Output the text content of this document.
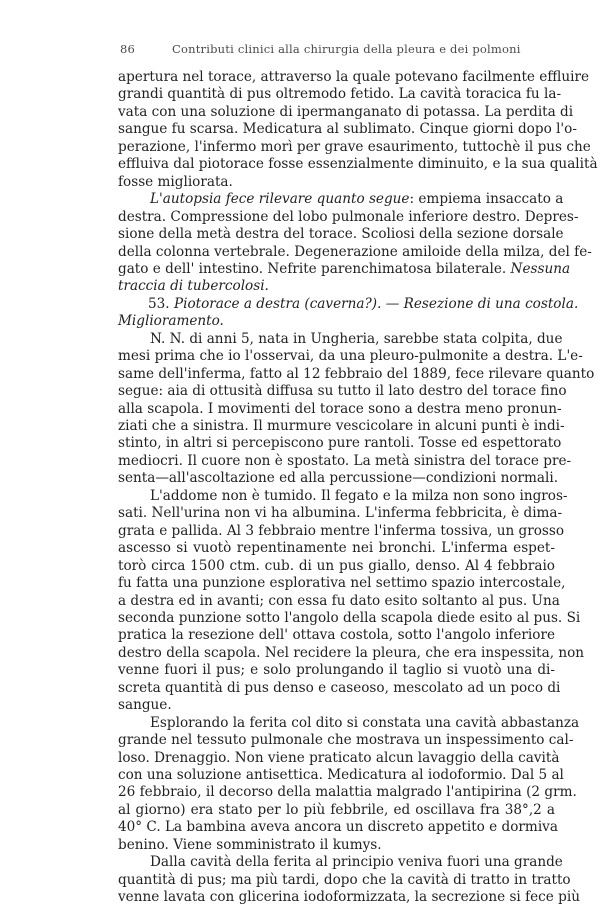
86	Contributi clinici alla chirurgia della pleura e dei polmoni
apertura nel torace, attraverso la quale potevano facilmente effluire
grandi quantità di pus oltremodo fetido. La cavità toracica fu la-
vata con una soluzione di ipermanganato di potassa. La perdita di
sangue fu scarsa. Medicatura al sublimato. Cinque giorni dopo l'o-
perazione, l'infermo morì per grave esaurimento, tuttochè il pus che
effluiva dal piotorace fosse essenzialmente diminuito, e la sua qualità
fosse migliorata.
L'autopsia fece rilevare quanto segue: empiema insaccato a
destra. Compressione del lobo pulmonale inferiore destro. Depres-
sione della metà destra del torace. Scoliosi della sezione dorsale
della colonna vertebrale. Degenerazione amiloide della milza, del fe-
gato e dell' intestino. Nefrite parenchimatosa bilaterale. Nessuna
traccia di tubercolosi.
53. Piotorace a destra (caverna?). — Resezione di una costola.
Miglioramento.
N. N. di anni 5, nata in Ungheria, sarebbe stata colpita, due
mesi prima che io l'osservai, da una pleuro-pulmonite a destra. L'e-
same dell'inferma, fatto al 12 febbraio del 1889, fece rilevare quanto
segue: aia di ottusità diffusa su tutto il lato destro del torace fino
alla scapola. I movimenti del torace sono a destra meno pronun-
ziati che a sinistra. Il murmure vescicolare in alcuni punti è indi-
stinto, in altri si percepiscono pure rantoli. Tosse ed espettorato
mediocri. Il cuore non è spostato. La metà sinistra del torace pre-
senta—all'ascoltazione ed alla percussione—condizioni normali.
L'addome non è tumido. Il fegato e la milza non sono ingros-
sati. Nell'urina non vi ha albumina. L'inferma febbricita, è dima-
grata e pallida. Al 3 febbraio mentre l'inferma tossiva, un grosso
ascesso si vuotò repentinamente nei bronchi. L'inferma espet-
torò circa 1500 ctm. cub. di un pus giallo, denso. Al 4 febbraio
fu fatta una punzione esplorativa nel settimo spazio intercostale,
a destra ed in avanti; con essa fu dato esito soltanto al pus. Una
seconda punzione sotto l'angolo della scapola diede esito al pus. Si
pratica la resezione dell' ottava costola, sotto l'angolo inferiore
destro della scapola. Nel recidere la pleura, che era inspessita, non
venne fuori il pus; e solo prolungando il taglio si vuotò una di-
screta quantità di pus denso e caseoso, mescolato ad un poco di
sangue.
Esplorando la ferita col dito si constata una cavità abbastanza
grande nel tessuto pulmonale che mostrava un inspessimento cal-
loso. Drenaggio. Non viene praticato alcun lavaggio della cavità
con una soluzione antisettica. Medicatura al iodoformio. Dal 5 al
26 febbraio, il decorso della malattia malgrado l'antipirina (2 grm.
al giorno) era stato per lo più febbrile, ed oscillava fra 38°,2 a
40° C. La bambina aveva ancora un discreto appetito e dormiva
benino. Viene somministrato il kumys.
Dalla cavità della ferita al principio veniva fuori una grande
quantità di pus; ma più tardi, dopo che la cavità di tratto in tratto
venne lavata con glicerina iodoformizzata, la secrezione si fece più
